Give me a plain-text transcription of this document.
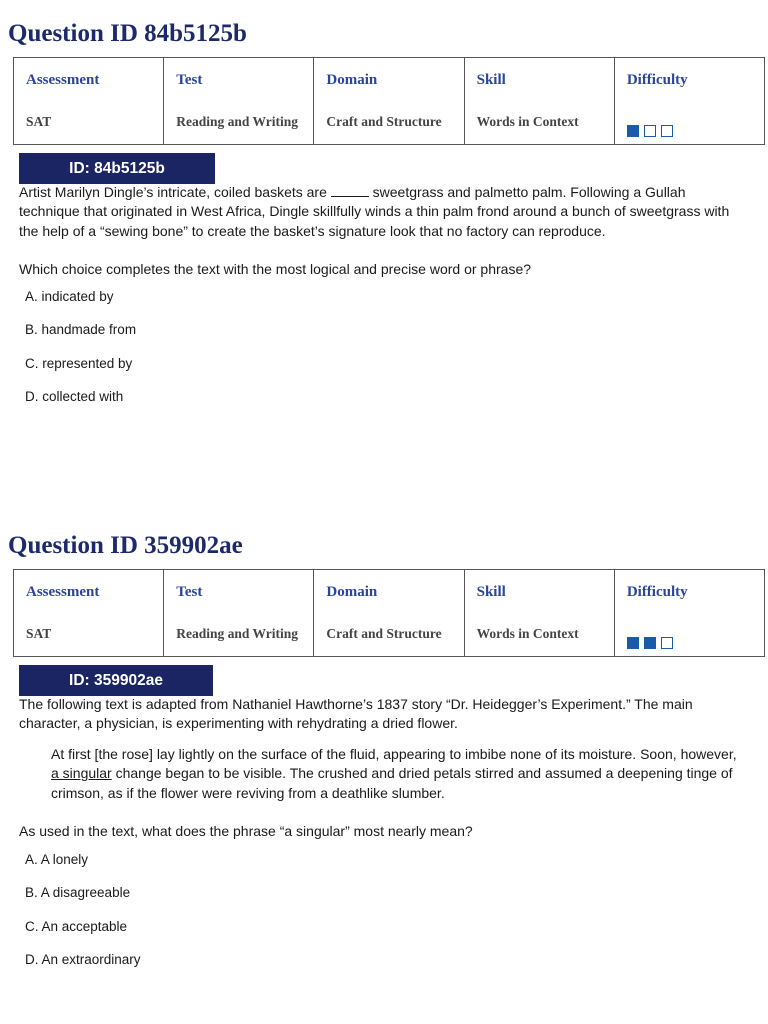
Question ID 84b5125b
Assessment
SAT
Test
Reading and Writing
Domain
Craft and Structure
Skill
Words in Context
Difficulty
ID: 84b5125b

Artist Marilyn Dingle’s intricate, coiled baskets are	sweetgrass and palmetto palm. Following a Gullah technique that originated in West Africa, Dingle skillfully winds a thin palm frond around a bunch of sweetgrass with the help of a “sewing bone” to create the basket’s signature look that no factory can reproduce.

Which choice completes the text with the most logical and precise word or phrase?

A. indicated by
B. handmade from
C. represented by
D. collected with
Question ID 359902ae
Assessment
SAT
Test
Reading and Writing
Domain
Craft and Structure
Skill
Words in Context
Difficulty
ID: 359902ae

The following text is adapted from Nathaniel Hawthorne’s 1837 story “Dr. Heidegger’s Experiment.” The main character, a physician, is experimenting with rehydrating a dried flower.

At first [the rose] lay lightly on the surface of the fluid, appearing to imbibe none of its moisture. Soon, however, a singular change began to be visible. The crushed and dried petals stirred and assumed a deepening tinge of crimson, as if the flower were reviving from a deathlike slumber.

As used in the text, what does the phrase “a singular” most nearly mean?

A. A lonely
B. A disagreeable
C. An acceptable
D. An extraordinary
